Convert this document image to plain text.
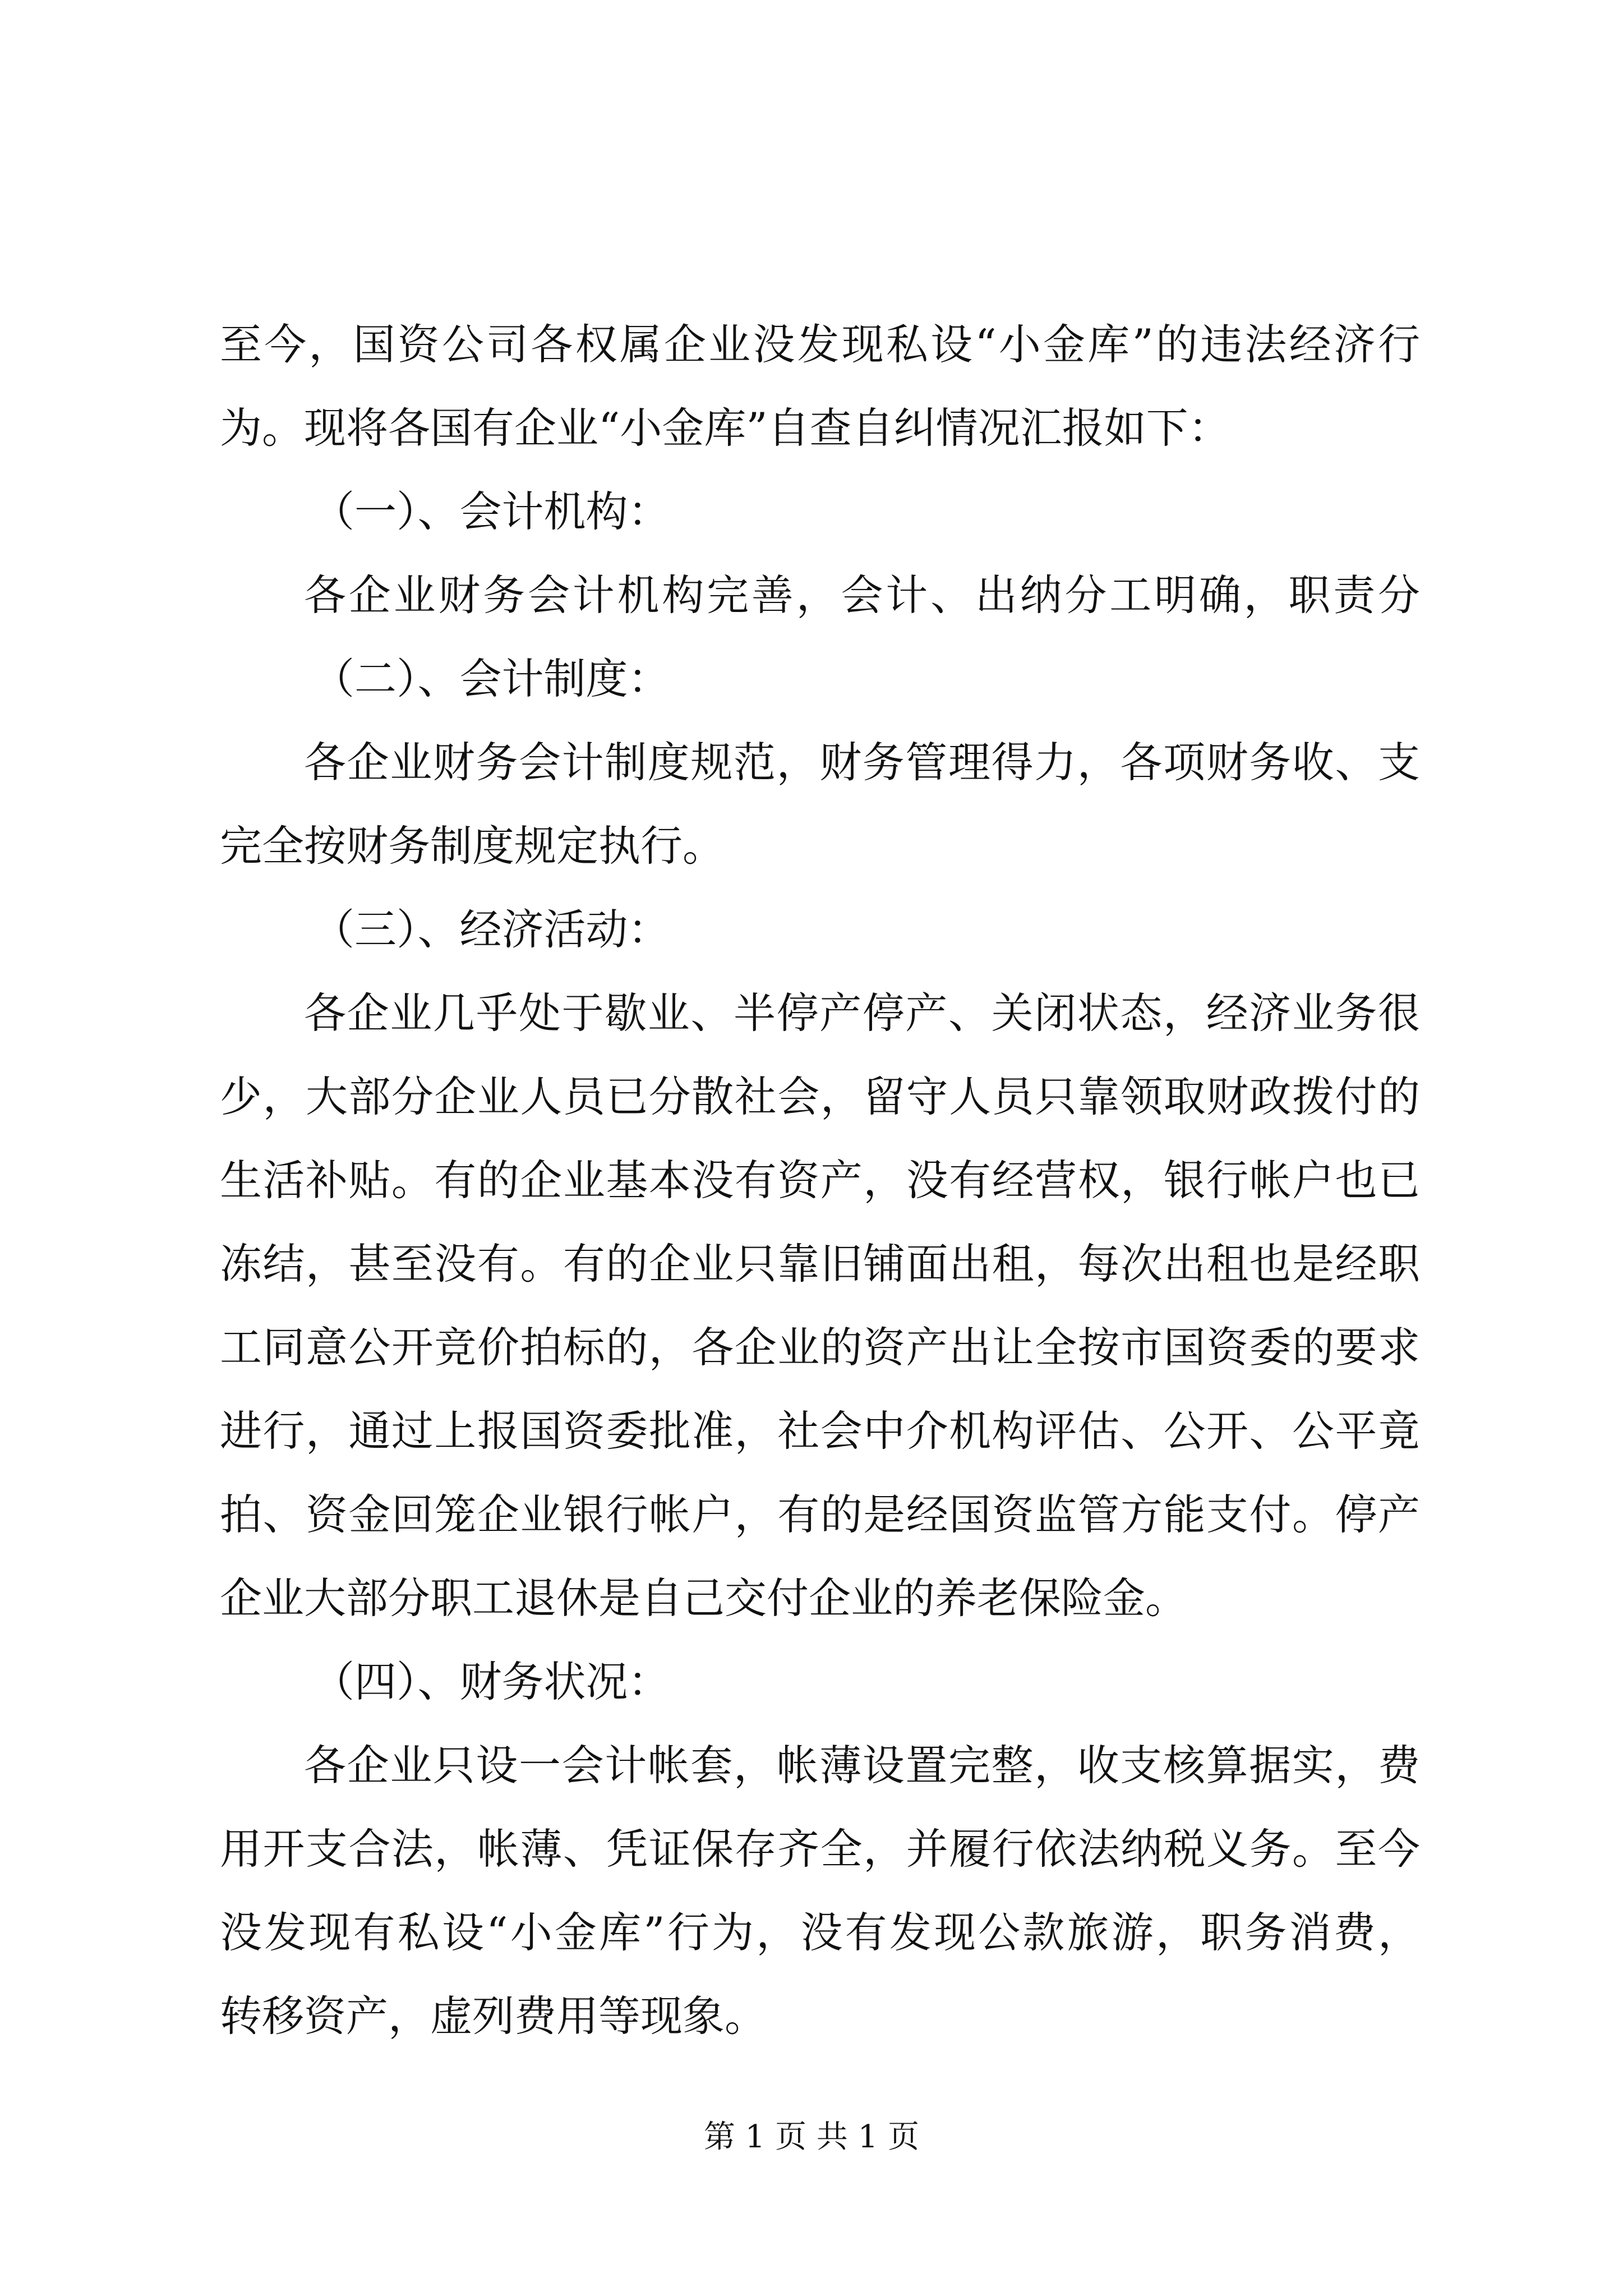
至今，国资公司各权属企业没发现私设“小金库”的违法经济行
为。现将各国有企业“小金库”自查自纠情况汇报如下：
（一）、会计机构：
各企业财务会计机构完善，会计、出纳分工明确，职责分
（二）、会计制度：
各企业财务会计制度规范，财务管理得力，各项财务收、支
完全按财务制度规定执行。
（三）、经济活动：
各企业几乎处于歇业、半停产停产、关闭状态，经济业务很
少，大部分企业人员已分散社会，留守人员只靠领取财政拨付的
生活补贴。有的企业基本没有资产，没有经营权，银行帐户也已
冻结，甚至没有。有的企业只靠旧铺面出租，每次出租也是经职
工同意公开竞价拍标的，各企业的资产出让全按市国资委的要求
进行，通过上报国资委批准，社会中介机构评估、公开、公平竟
拍、资金回笼企业银行帐户，有的是经国资监管方能支付。停产
企业大部分职工退休是自己交付企业的养老保险金。
（四）、财务状况：
各企业只设一会计帐套，帐薄设置完整，收支核算据实，费
用开支合法，帐薄、凭证保存齐全，并履行依法纳税义务。至今
没发现有私设“小金库”行为，没有发现公款旅游，职务消费，
转移资产，虚列费用等现象。
第 1 页 共 1 页
